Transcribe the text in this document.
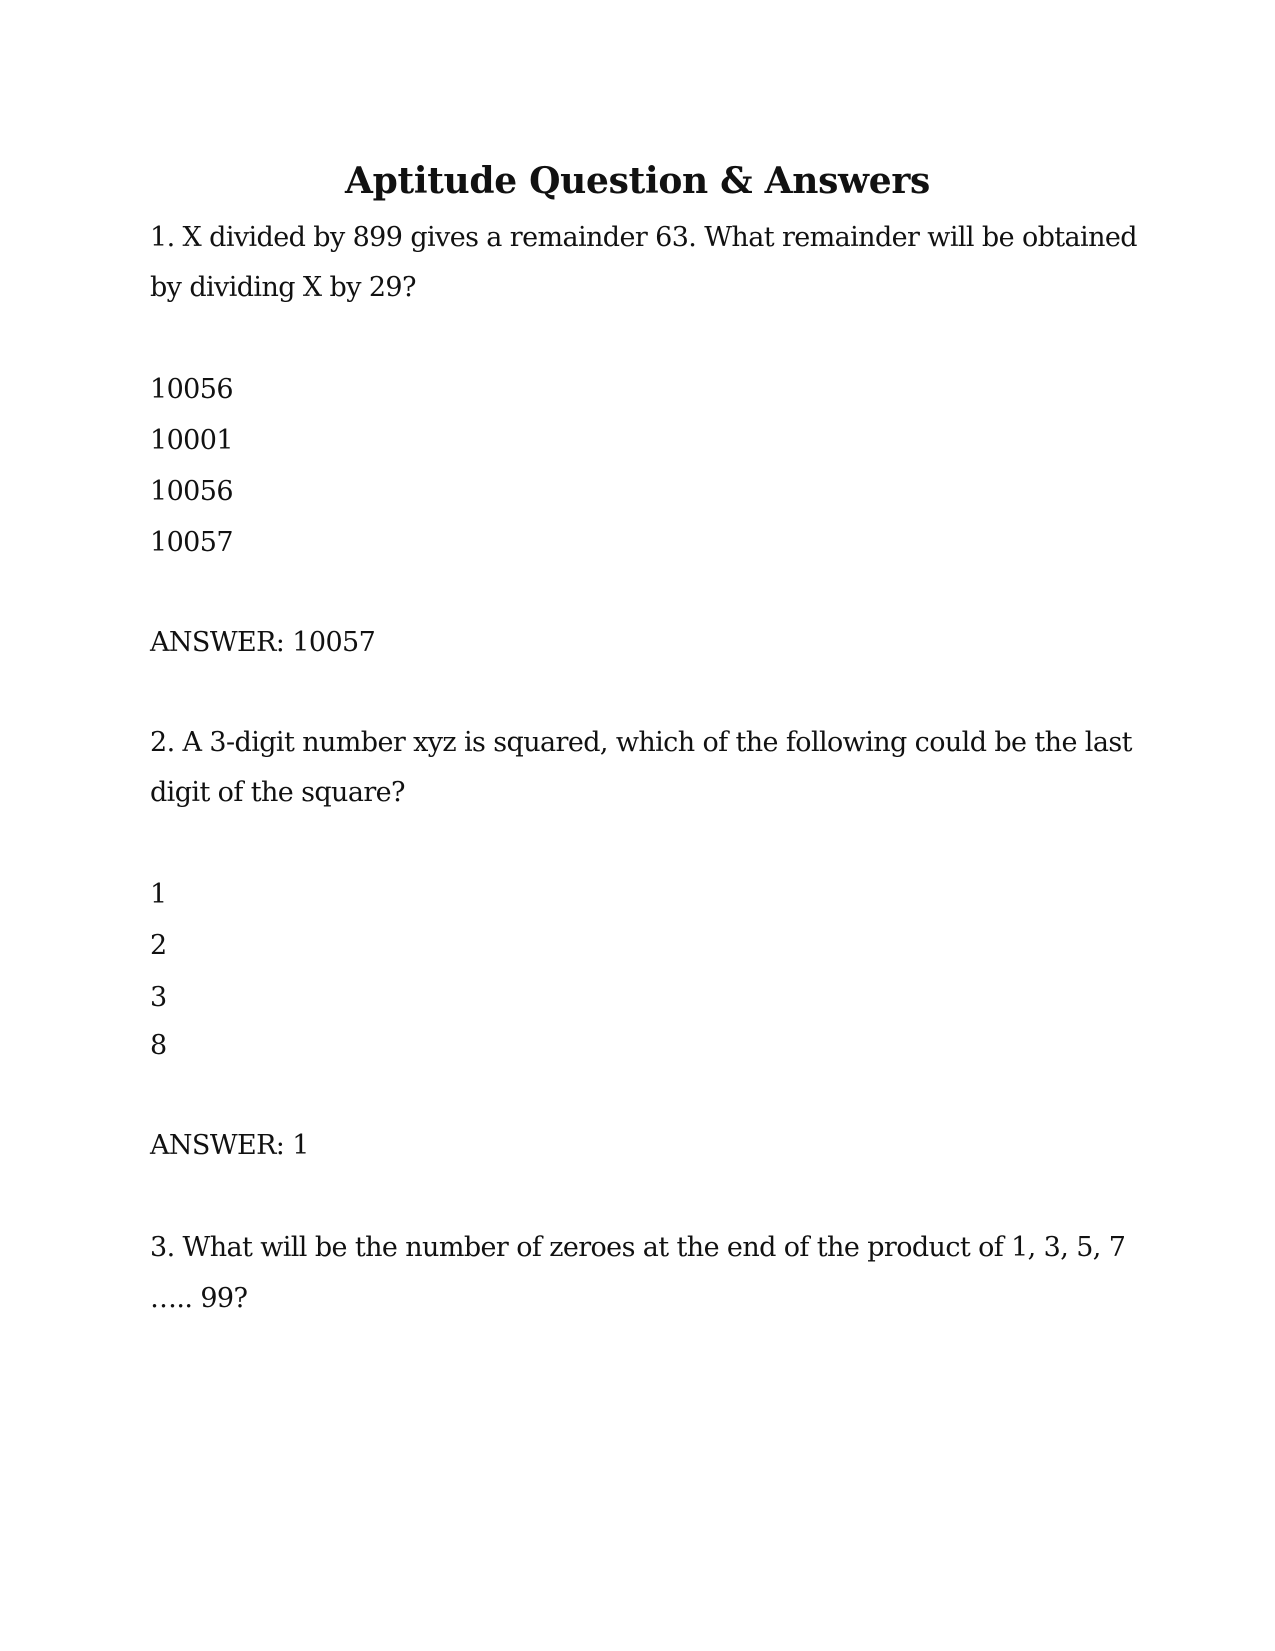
Aptitude Question & Answers
1. X divided by 899 gives a remainder 63. What remainder will be obtained
by dividing X by 29?
10056
10001
10056
10057
ANSWER: 10057
2. A 3-digit number xyz is squared, which of the following could be the last
digit of the square?
1
2
3
8
ANSWER: 1
3. What will be the number of zeroes at the end of the product of 1, 3, 5, 7
….. 99?
